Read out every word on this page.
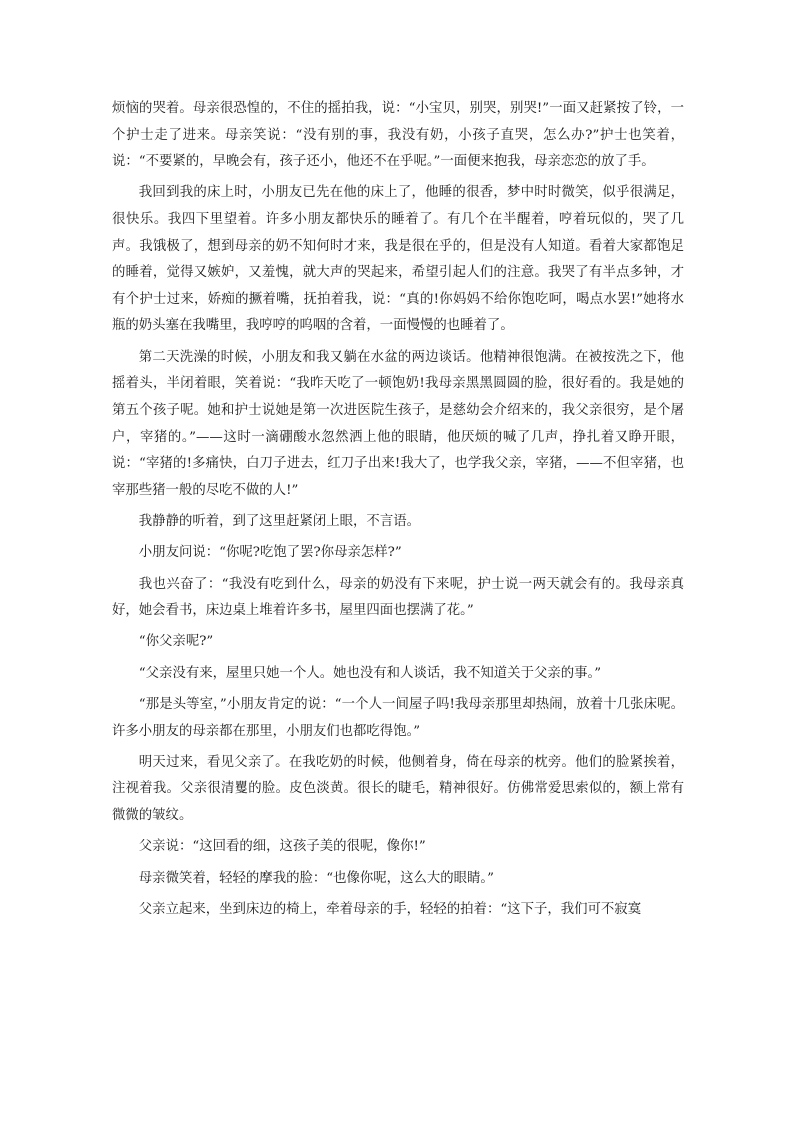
烦恼的哭着。母亲很恐惶的，不住的摇拍我，说：“小宝贝，别哭，别哭!”一面又赶紧按了铃，一个护士走了进来。母亲笑说：“没有别的事，我没有奶，小孩子直哭，怎么办?”护士也笑着，说：“不要紧的，早晚会有，孩子还小，他还不在乎呢。”一面便来抱我，母亲恋恋的放了手。

我回到我的床上时，小朋友已先在他的床上了，他睡的很香，梦中时时微笑，似乎很满足，很快乐。我四下里望着。许多小朋友都快乐的睡着了。有几个在半醒着，哼着玩似的，哭了几声。我饿极了，想到母亲的奶不知何时才来，我是很在乎的，但是没有人知道。看着大家都饱足的睡着，觉得又嫉妒，又羞愧，就大声的哭起来，希望引起人们的注意。我哭了有半点多钟，才有个护士过来，娇痴的撅着嘴，抚拍着我，说：“真的!你妈妈不给你饱吃呵，喝点水罢!”她将水瓶的奶头塞在我嘴里，我哼哼的呜咽的含着，一面慢慢的也睡着了。

第二天洗澡的时候，小朋友和我又躺在水盆的两边谈话。他精神很饱满。在被按洗之下，他摇着头，半闭着眼，笑着说：“我昨天吃了一顿饱奶!我母亲黑黑圆圆的脸，很好看的。我是她的第五个孩子呢。她和护士说她是第一次进医院生孩子，是慈幼会介绍来的，我父亲很穷，是个屠户，宰猪的。”——这时一滴硼酸水忽然洒上他的眼睛，他厌烦的喊了几声，挣扎着又睁开眼，说：“宰猪的!多痛快，白刀子进去，红刀子出来!我大了，也学我父亲，宰猪，——不但宰猪，也宰那些猪一般的尽吃不做的人!”

我静静的听着，到了这里赶紧闭上眼，不言语。

小朋友问说：“你呢?吃饱了罢?你母亲怎样?”

我也兴奋了：“我没有吃到什么，母亲的奶没有下来呢，护士说一两天就会有的。我母亲真好，她会看书，床边桌上堆着许多书，屋里四面也摆满了花。”

“你父亲呢?”

“父亲没有来，屋里只她一个人。她也没有和人谈话，我不知道关于父亲的事。”

“那是头等室，”小朋友肯定的说：“一个人一间屋子吗!我母亲那里却热闹，放着十几张床呢。许多小朋友的母亲都在那里，小朋友们也都吃得饱。”

明天过来，看见父亲了。在我吃奶的时候，他侧着身，倚在母亲的枕旁。他们的脸紧挨着，注视着我。父亲很清矍的脸。皮色淡黄。很长的睫毛，精神很好。仿佛常爱思索似的，额上常有微微的皱纹。

父亲说：“这回看的细，这孩子美的很呢，像你!”

母亲微笑着，轻轻的摩我的脸：“也像你呢，这么大的眼睛。”

父亲立起来，坐到床边的椅上，牵着母亲的手，轻轻的拍着：“这下子，我们可不寂寞
